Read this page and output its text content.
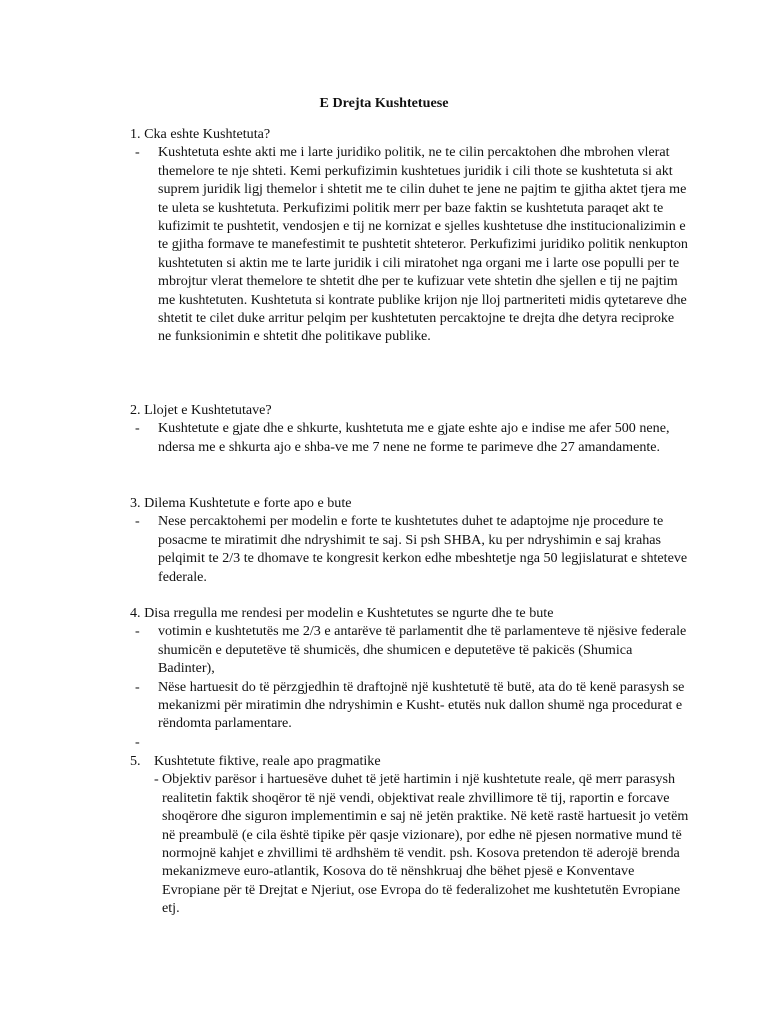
E Drejta Kushtetuese
1. Cka eshte Kushtetuta?
- Kushtetuta eshte akti me i larte juridiko politik, ne te cilin percaktohen dhe mbrohen vlerat themelore te nje shteti. Kemi perkufizimin kushtetues juridik i cili thote se kushtetuta si akt suprem juridik ligj themelor i shtetit me te cilin duhet te jene ne pajtim te gjitha aktet tjera me te uleta se kushtetuta. Perkufizimi politik merr per baze faktin se kushtetuta paraqet akt te kufizimit te pushtetit, vendosjen e tij ne kornizat e sjelles kushtetuse dhe institucionalizimin e te gjitha formave te manefestimit te pushtetit shteteror. Perkufizimi juridiko politik nenkupton kushtetuten si aktin me te larte juridik i cili miratohet nga organi me i larte ose populli per te mbrojtur vlerat themelore te shtetit dhe per te kufizuar vete shtetin dhe sjellen e tij ne pajtim me kushtetuten. Kushtetuta si kontrate publike krijon nje lloj partneriteti midis qytetareve dhe shtetit te cilet duke arritur pelqim per kushtetuten percaktojne te drejta dhe detyra reciproke ne funksionimin e shtetit dhe politikave publike.
2. Llojet e Kushtetutave?
- Kushtetute e gjate dhe e shkurte, kushtetuta me e gjate eshte ajo e indise me afer 500 nene, ndersa me e shkurta ajo e shba-ve me 7 nene ne forme te parimeve dhe 27 amandamente.
3. Dilema Kushtetute e forte apo e bute
- Nese percaktohemi per modelin e forte te kushtetutes duhet te adaptojme nje procedure te posacme te miratimit dhe ndryshimit te saj. Si psh SHBA, ku per ndryshimin e saj krahas pelqimit te 2/3 te dhomave te kongresit kerkon edhe mbeshtetje nga 50 legjislaturat e shteteve federale.
4. Disa rregulla me rendesi per modelin e Kushtetutes se ngurte dhe te bute
- votimin e kushtetutës me 2/3 e antarëve të parlamentit dhe të parlamenteve të njësive federale shumicën e deputetëve të shumicës, dhe shumicen e deputetëve të pakicës (Shumica Badinter),
- Nëse hartuesit do të përzgjedhin të draftojnë një kushtetutë të butë, ata do të kenë parasysh se mekanizmi për miratimin dhe ndryshimin e Kusht- etutës nuk dallon shumë nga procedurat e rëndomta parlamentare.
-
5. Kushtetute fiktive, reale apo pragmatike
- Objektiv parësor i hartuesëve duhet të jetë hartimin i një kushtetute reale, që merr parasysh realitetin faktik shoqëror të një vendi, objektivat reale zhvillimore të tij, raportin e forcave shoqërore dhe siguron implementimin e saj në jetën praktike. Në ketë rastë hartuesit jo vetëm në preambulë (e cila është tipike për qasje vizionare), por edhe në pjesen normative mund të normojnë kahjet e zhvillimi të ardhshëm të vendit. psh. Kosova pretendon të aderojë brenda mekanizmeve euro-atlantik, Kosova do të nënshkruaj dhe bëhet pjesë e Konventave Evropiane për të Drejtat e Njeriut, ose Evropa do të federalizohet me kushtetutën Evropiane etj.
